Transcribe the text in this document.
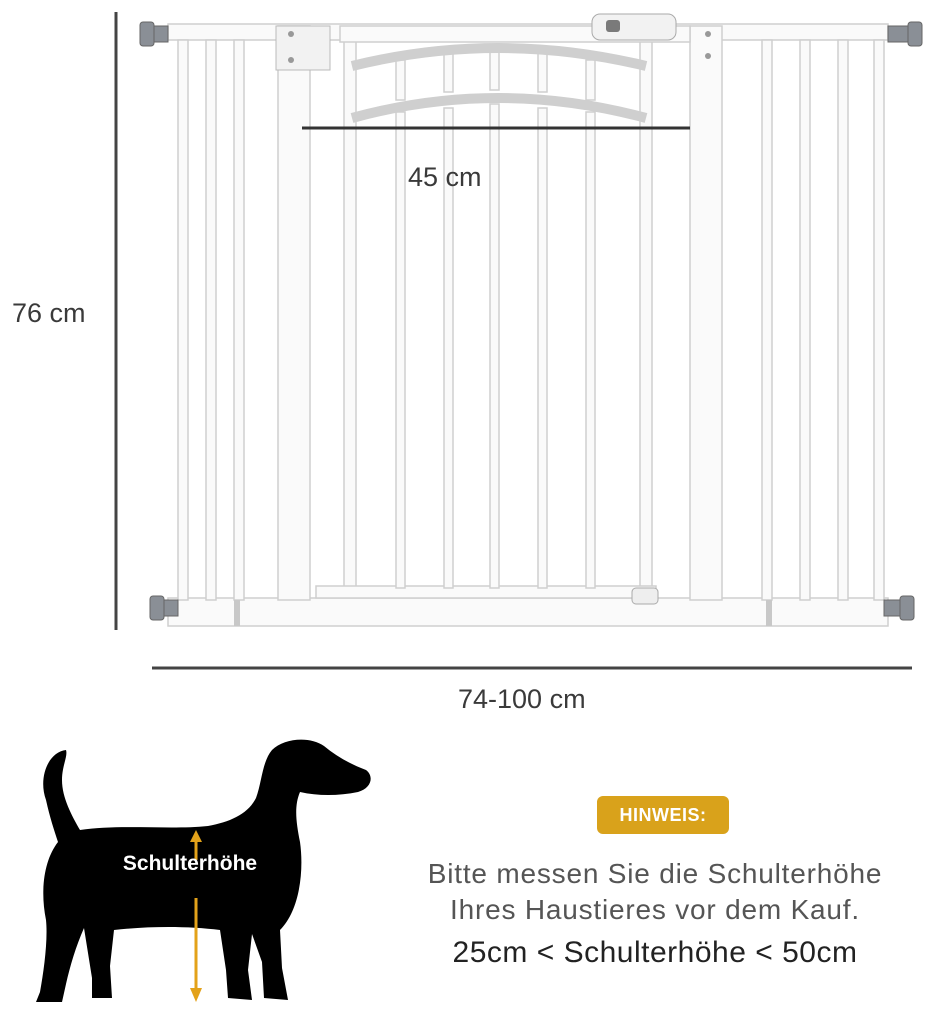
76 cm
45 cm
74-100 cm
Schulterhöhe
HINWEIS:
Bitte messen Sie die Schulterhöhe
Ihres Haustieres vor dem Kauf.
25cm < Schulterhöhe < 50cm
